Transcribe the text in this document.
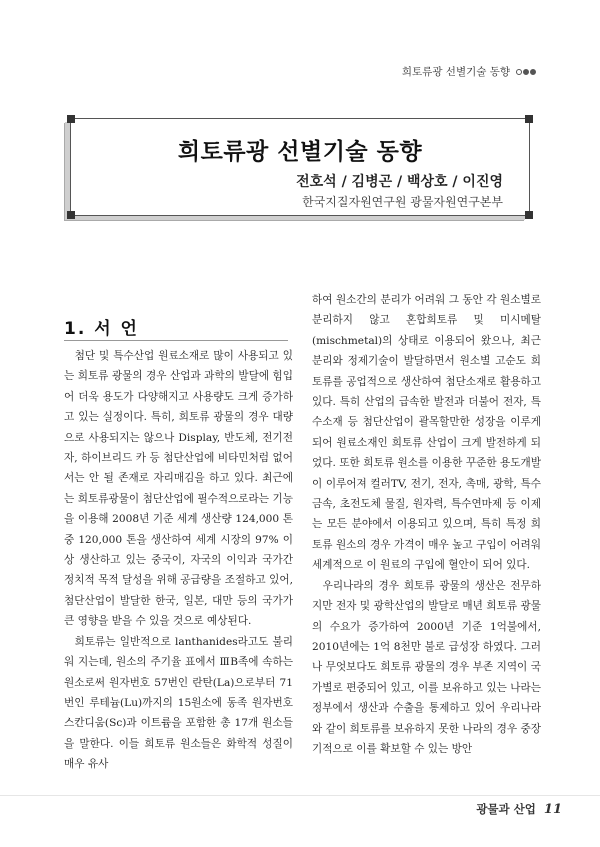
희토류광 선별기술 동향
희토류광 선별기술 동향
전호석 / 김병곤 / 백상호 / 이진영
한국지질자원연구원 광물자원연구본부
1. 서 언

첨단 및 특수산업 원료소재로 많이 사용되고 있는 희토류 광물의 경우 산업과 과학의 발달에 힘입어 더욱 용도가 다양해지고 사용량도 크게 증가하고 있는 실정이다. 특히, 희토류 광물의 경우 대량으로 사용되지는 않으나 Display, 반도체, 전기전자, 하이브리드 카 등 첨단산업에 비타민처럼 없어서는 안 될 존재로 자리매김을 하고 있다. 최근에는 희토류광물이 첨단산업에 필수적으로라는 기능을 이용해 2008년 기준 세계 생산량 124,000 톤 중 120,000 톤을 생산하여 세계 시장의 97% 이상 생산하고 있는 중국이, 자국의 이익과 국가간 정치적 목적 달성을 위해 공급량을 조절하고 있어, 첨단산업이 발달한 한국, 일본, 대만 등의 국가가 큰 영향을 받을 수 있을 것으로 예상된다.

희토류는 일반적으로 lanthanides라고도 불리워 지는데, 원소의 주기율 표에서 ⅢB족에 속하는 원소로써 원자번호 57번인 란탄(La)으로부터 71번인 루테늄(Lu)까지의 15원소에 동족 원자번호 스칸디움(Sc)과 이트륨을 포함한 총 17개 원소들을 말한다. 이들 희토류 원소들은 화학적 성질이 매우 유사

하여 원소간의 분리가 어려워 그 동안 각 원소별로 분리하지 않고 혼합희토류 및 미시메탈(mischmetal)의 상태로 이용되어 왔으나, 최근 분리와 정제기술이 발달하면서 원소별 고순도 희토류를 공업적으로 생산하여 첨단소재로 활용하고 있다. 특히 산업의 급속한 발전과 더불어 전자, 특수소재 등 첨단산업이 괄목할만한 성장을 이루게 되어 원료소재인 희토류 산업이 크게 발전하게 되었다. 또한 희토류 원소를 이용한 꾸준한 용도개발이 이루어져 컬러TV, 전기, 전자, 촉매, 광학, 특수금속, 초전도체 물질, 원자력, 특수연마제 등 이제는 모든 분야에서 이용되고 있으며, 특히 특정 희토류 원소의 경우 가격이 매우 높고 구입이 어려워 세계적으로 이 원료의 구입에 혈안이 되어 있다.

우리나라의 경우 희토류 광물의 생산은 전무하지만 전자 및 광학산업의 발달로 매년 희토류 광물의 수요가 증가하여 2000년 기준 1억불에서, 2010년에는 1억 8천만 불로 급성장 하였다. 그러나 무엇보다도 희토류 광물의 경우 부존 지역이 국가별로 편중되어 있고, 이를 보유하고 있는 나라는 정부에서 생산과 수출을 통제하고 있어 우리나라와 같이 희토류를 보유하지 못한 나라의 경우 중장기적으로 이를 확보할 수 있는 방안

광물과 산업 11
